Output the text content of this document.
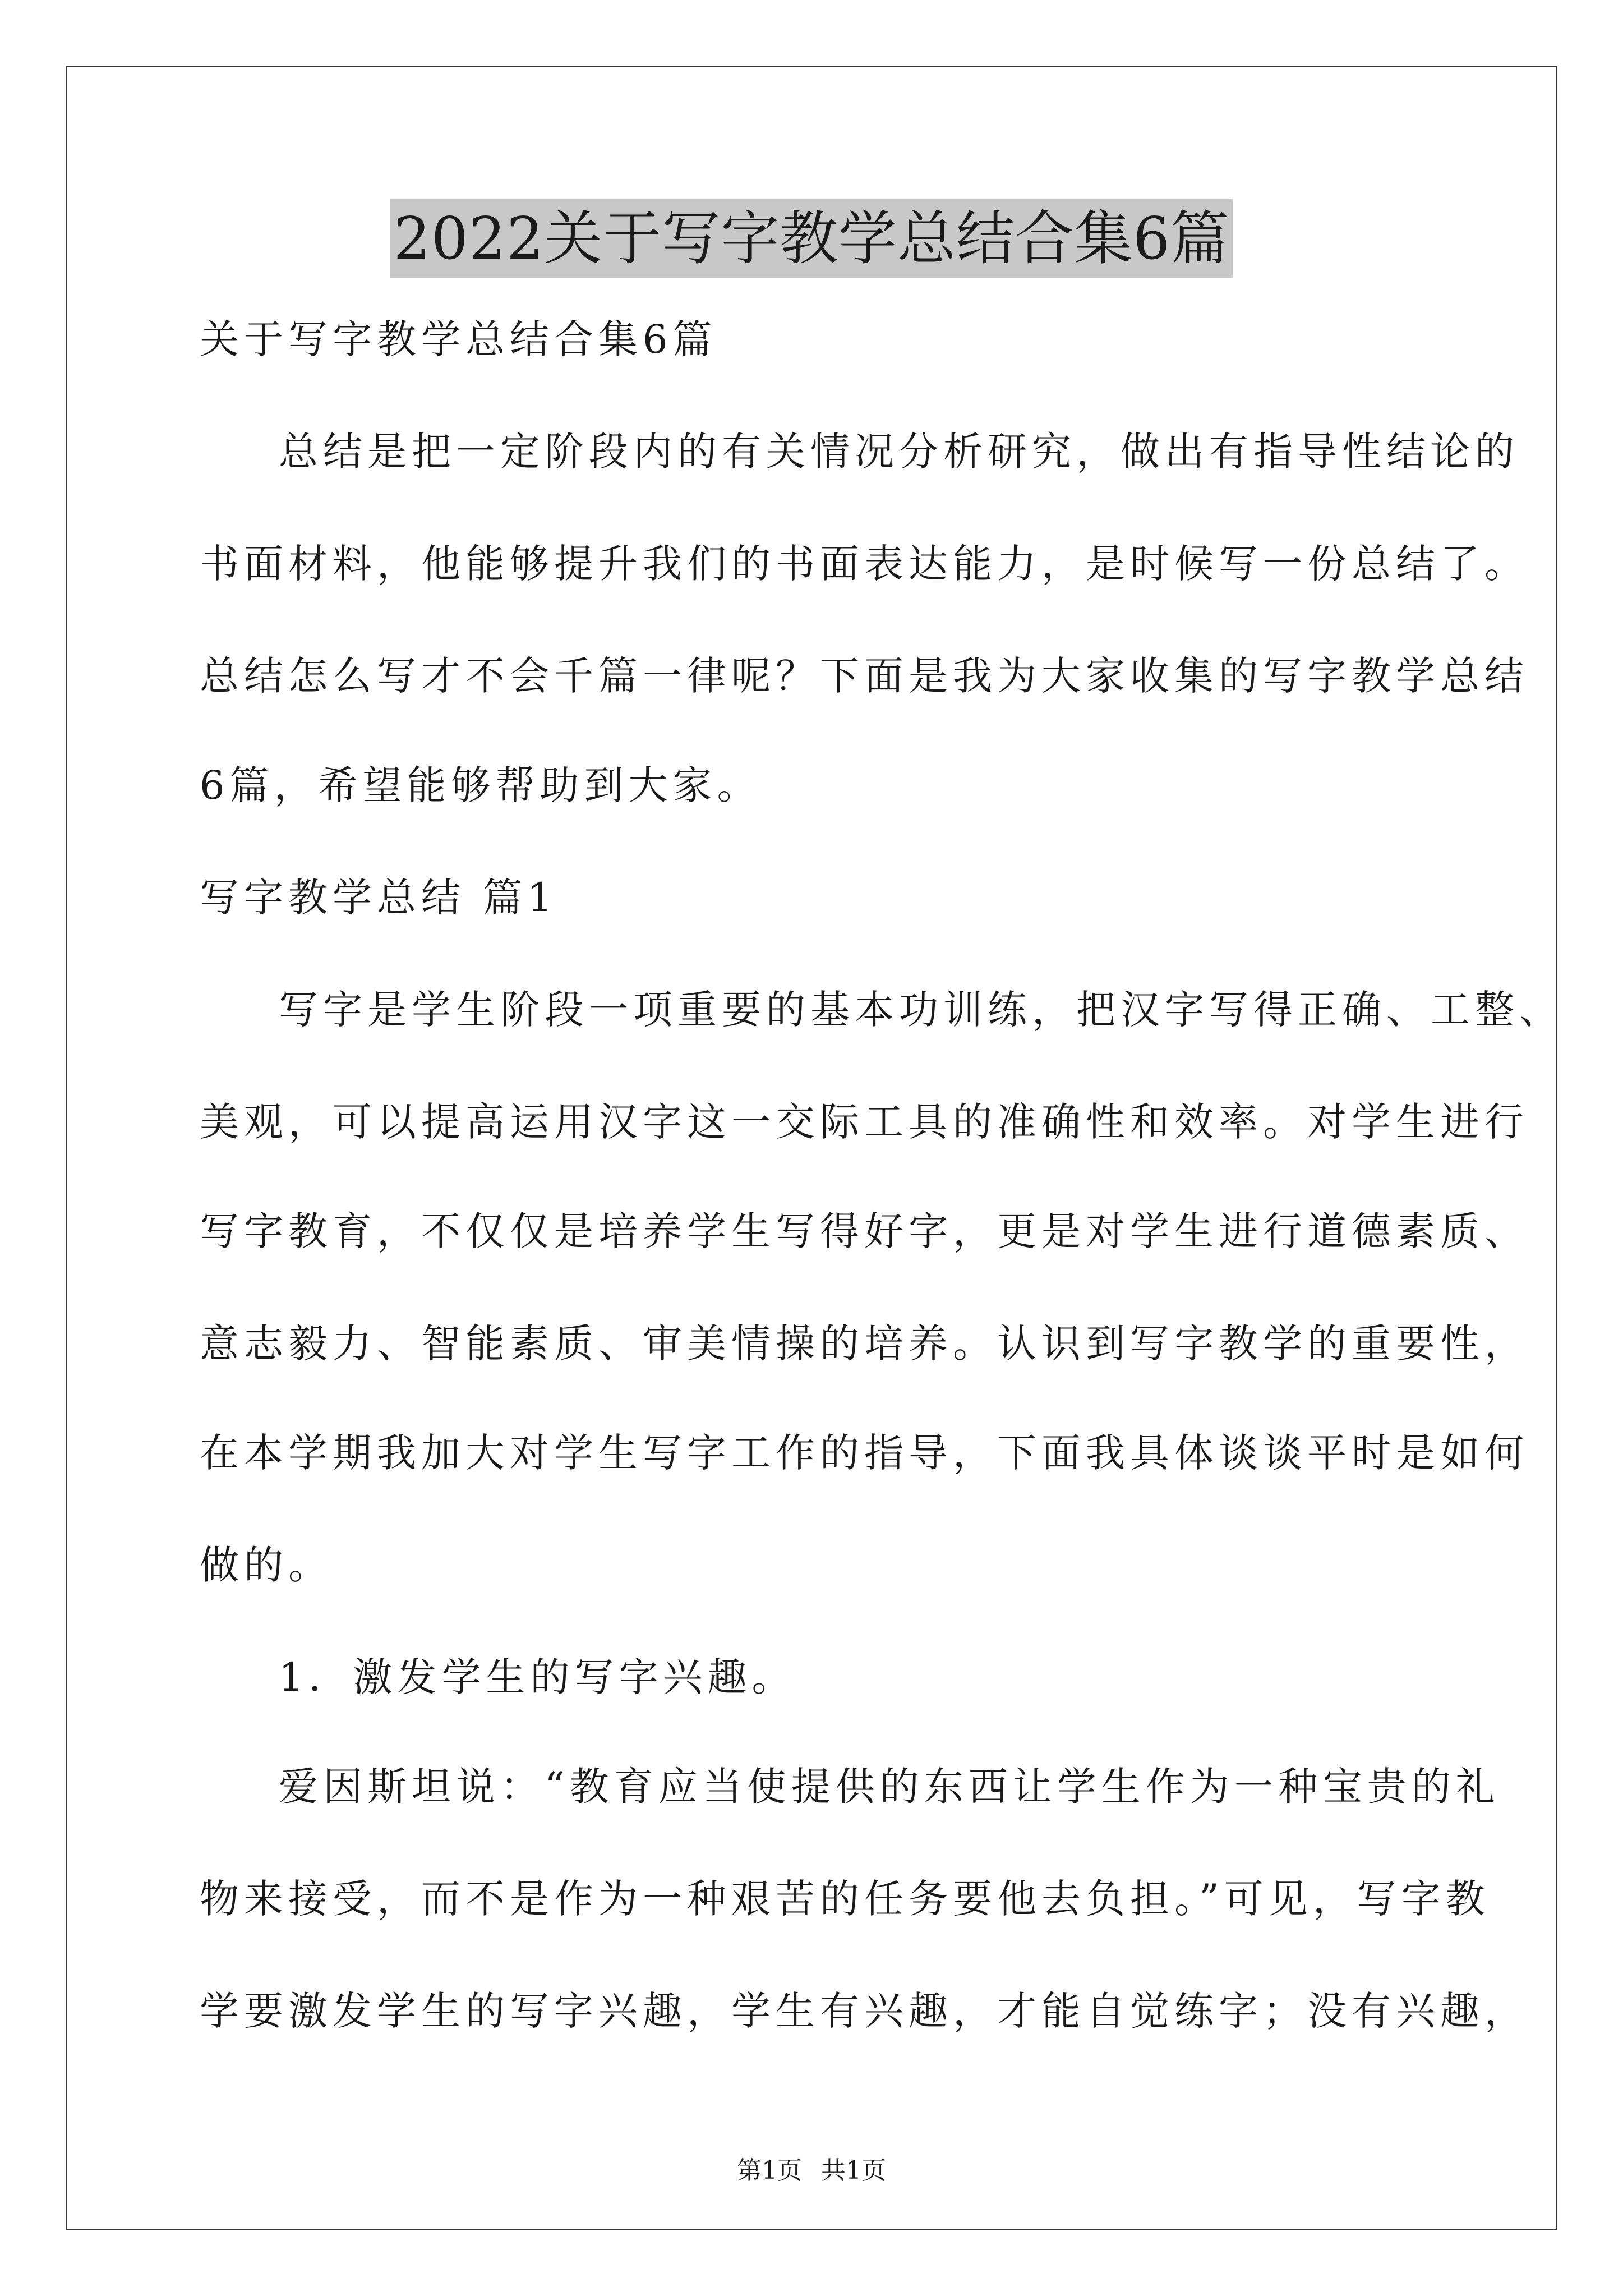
2022关于写字教学总结合集6篇
关于写字教学总结合集6篇
总结是把一定阶段内的有关情况分析研究，做出有指导性结论的
书面材料，他能够提升我们的书面表达能力，是时候写一份总结了。
总结怎么写才不会千篇一律呢？下面是我为大家收集的写字教学总结
6篇，希望能够帮助到大家。
写字教学总结 篇1
写字是学生阶段一项重要的基本功训练，把汉字写得正确、工整、
美观，可以提高运用汉字这一交际工具的准确性和效率。对学生进行
写字教育，不仅仅是培养学生写得好字，更是对学生进行道德素质、
意志毅力、智能素质、审美情操的培养。认识到写字教学的重要性，
在本学期我加大对学生写字工作的指导，下面我具体谈谈平时是如何
做的。
1．激发学生的写字兴趣。
爱因斯坦说：“教育应当使提供的东西让学生作为一种宝贵的礼
物来接受，而不是作为一种艰苦的任务要他去负担。”可见，写字教
学要激发学生的写字兴趣，学生有兴趣，才能自觉练字；没有兴趣，
第1页 共1页
